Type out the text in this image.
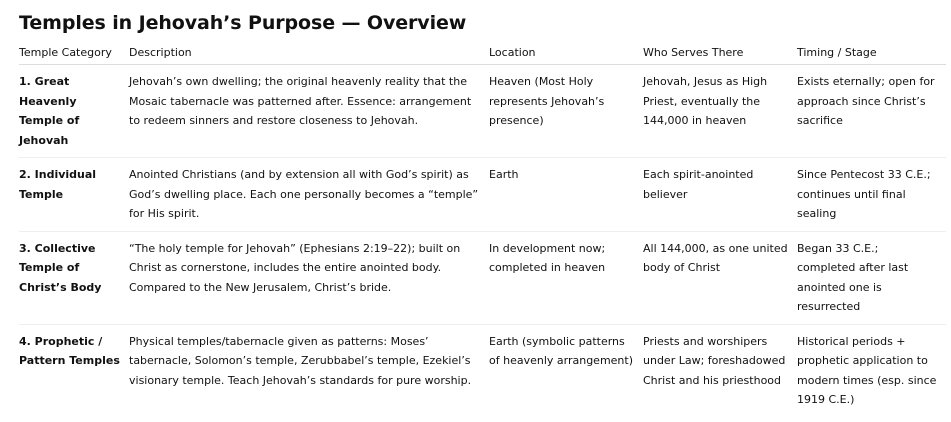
Temples in Jehovah’s Purpose — Overview
Temple Category	Description	Location	Who Serves There	Timing / Stage
1. Great Heavenly Temple of Jehovah	Jehovah’s own dwelling; the original heavenly reality that the Mosaic tabernacle was patterned after. Essence: arrangement to redeem sinners and restore closeness to Jehovah.	Heaven (Most Holy represents Jehovah’s presence)	Jehovah, Jesus as High Priest, eventually the 144,000 in heaven	Exists eternally; open for approach since Christ’s sacrifice
2. Individual Temple	Anointed Christians (and by extension all with God’s spirit) as God’s dwelling place. Each one personally becomes a “temple” for His spirit.	Earth	Each spirit-anointed believer	Since Pentecost 33 C.E.; continues until final sealing
3. Collective Temple of Christ’s Body	“The holy temple for Jehovah” (Ephesians 2:19–22); built on Christ as cornerstone, includes the entire anointed body. Compared to the New Jerusalem, Christ’s bride.	In development now; completed in heaven	All 144,000, as one united body of Christ	Began 33 C.E.; completed after last anointed one is resurrected
4. Prophetic / Pattern Temples	Physical temples/tabernacle given as patterns: Moses’ tabernacle, Solomon’s temple, Zerubbabel’s temple, Ezekiel’s visionary temple. Teach Jehovah’s standards for pure worship.	Earth (symbolic patterns of heavenly arrangement)	Priests and worshipers under Law; foreshadowed Christ and his priesthood	Historical periods + prophetic application to modern times (esp. since 1919 C.E.)
